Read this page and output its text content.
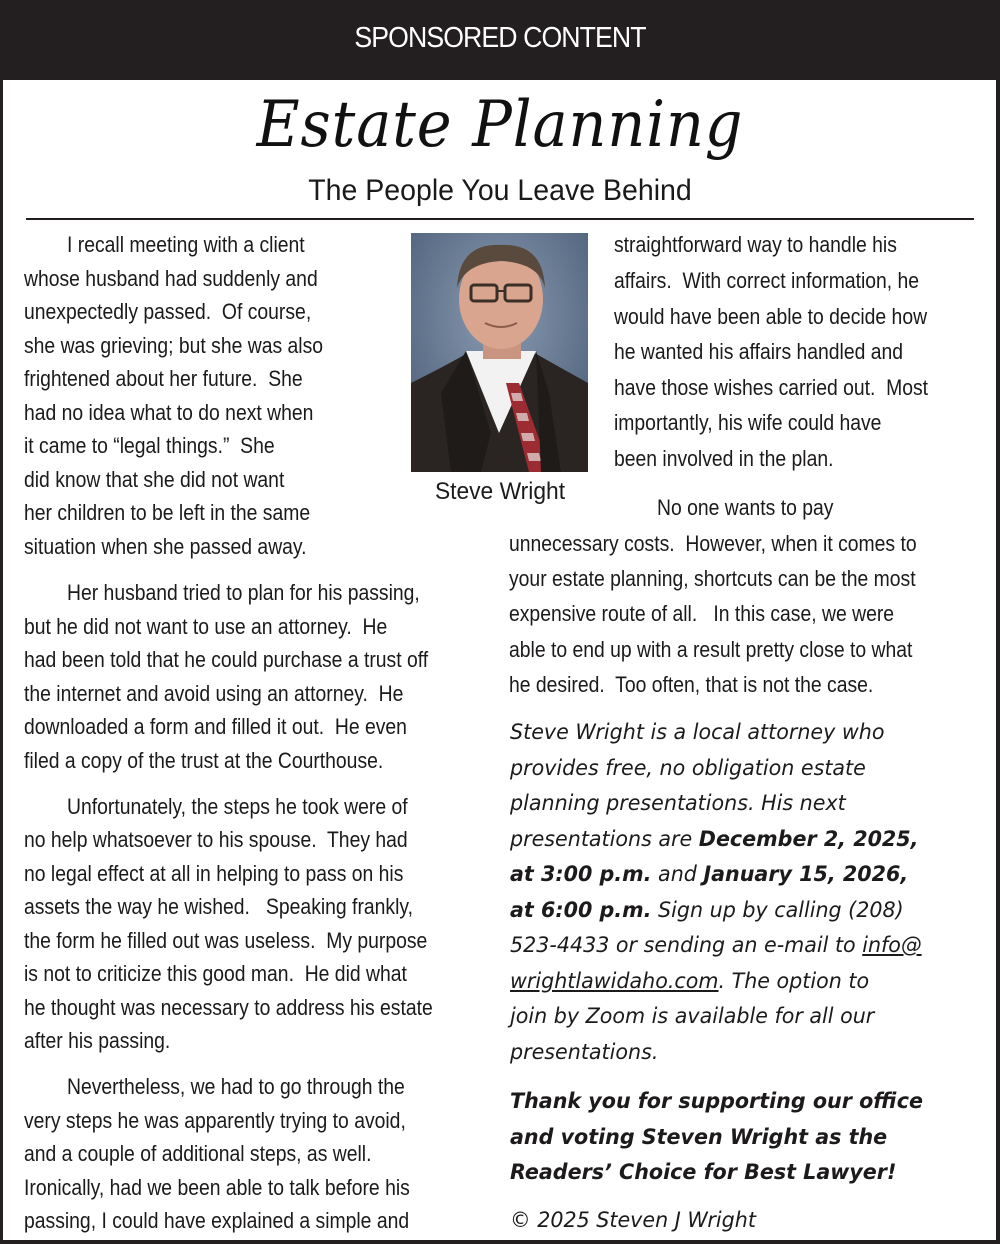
SPONSORED CONTENT
Estate Planning
The People You Leave Behind
I recall meeting with a client
whose husband had suddenly and
unexpectedly passed.  Of course,
she was grieving; but she was also
frightened about her future.  She
had no idea what to do next when
it came to “legal things.”  She
did know that she did not want
her children to be left in the same
situation when she passed away.
Her husband tried to plan for his passing,
but he did not want to use an attorney.  He
had been told that he could purchase a trust off
the internet and avoid using an attorney.  He
downloaded a form and filled it out.  He even
filed a copy of the trust at the Courthouse.
Unfortunately, the steps he took were of
no help whatsoever to his spouse.  They had
no legal effect at all in helping to pass on his
assets the way he wished.   Speaking frankly,
the form he filled out was useless.  My purpose
is not to criticize this good man.  He did what
he thought was necessary to address his estate
after his passing.
Nevertheless, we had to go through the
very steps he was apparently trying to avoid,
and a couple of additional steps, as well.
Ironically, had we been able to talk before his
passing, I could have explained a simple and
straightforward way to handle his
affairs.  With correct information, he
would have been able to decide how
he wanted his affairs handled and
have those wishes carried out.  Most
importantly, his wife could have
been involved in the plan.
No one wants to pay
unnecessary costs.  However, when it comes to
your estate planning, shortcuts can be the most
expensive route of all.   In this case, we were
able to end up with a result pretty close to what
he desired.  Too often, that is not the case.
Steve Wright
Steve Wright is a local attorney who
provides free, no obligation estate
planning presentations. His next
presentations are December 2, 2025,
at 3:00 p.m. and January 15, 2026,
at 6:00 p.m. Sign up by calling (208)
523-4433 or sending an e-mail to info@
wrightlawidaho.com. The option to
join by Zoom is available for all our
presentations.
Thank you for supporting our office
and voting Steven Wright as the
Readers’ Choice for Best Lawyer!
© 2025 Steven J Wright
